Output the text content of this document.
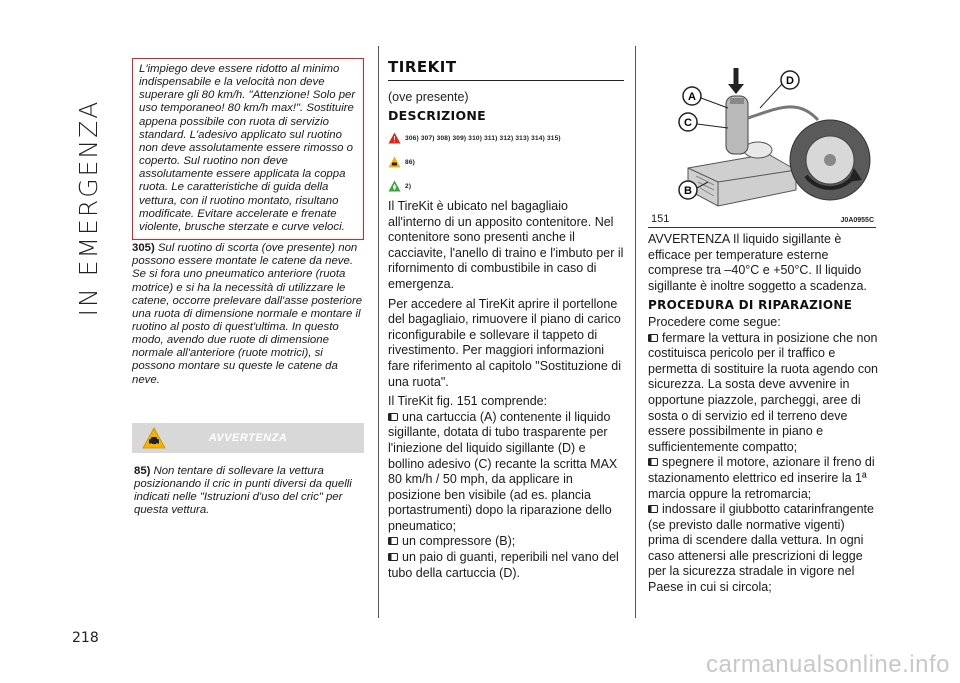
IN EMERGENZA
218
L'impiego deve essere ridotto al minimo indispensabile e la velocità non deve superare gli 80 km/h. "Attenzione! Solo per uso temporaneo! 80 km/h max!". Sostituire appena possibile con ruota di servizio standard. L'adesivo applicato sul ruotino non deve assolutamente essere rimosso o coperto. Sul ruotino non deve assolutamente essere applicata la coppa ruota. Le caratteristiche di guida della vettura, con il ruotino montato, risultano modificate. Evitare accelerate e frenate violente, brusche sterzate e curve veloci.
305) Sul ruotino di scorta (ove presente) non possono essere montate le catene da neve. Se si fora uno pneumatico anteriore (ruota motrice) e si ha la necessità di utilizzare le catene, occorre prelevare dall'asse posteriore una ruota di dimensione normale e montare il ruotino al posto di quest'ultima. In questo modo, avendo due ruote di dimensione normale all'anteriore (ruote motrici), si possono montare su queste le catene da neve.
AVVERTENZA
85) Non tentare di sollevare la vettura posizionando il cric in punti diversi da quelli indicati nelle "Istruzioni d'uso del cric" per questa vettura.
TIREKIT
(ove presente)
DESCRIZIONE
306) 307) 308) 309) 310) 311) 312) 313) 314) 315)
86)
2)

Il TireKit è ubicato nel bagagliaio all'interno di un apposito contenitore. Nel contenitore sono presenti anche il cacciavite, l'anello di traino e l'imbuto per il rifornimento di combustibile in caso di emergenza.

Per accedere al TireKit aprire il portellone del bagagliaio, rimuovere il piano di carico riconfigurabile e sollevare il tappeto di rivestimento. Per maggiori informazioni fare riferimento al capitolo "Sostituzione di una ruota".

Il TireKit fig. 151 comprende:

una cartuccia (A) contenente il liquido sigillante, dotata di tubo trasparente per l'iniezione del liquido sigillante (D) e bollino adesivo (C) recante la scritta MAX 80 km/h / 50 mph, da applicare in posizione ben visibile (ad es. plancia portastrumenti) dopo la riparazione dello pneumatico;
un compressore (B);
un paio di guanti, reperibili nel vano del tubo della cartuccia (D).
A
C
B
D
151	J0A0955C

AVVERTENZA Il liquido sigillante è efficace per temperature esterne comprese tra –40°C e +50°C. Il liquido sigillante è inoltre soggetto a scadenza.

PROCEDURA DI RIPARAZIONE

Procedere come segue:

fermare la vettura in posizione che non costituisca pericolo per il traffico e permetta di sostituire la ruota agendo con sicurezza. La sosta deve avvenire in opportune piazzole, parcheggi, aree di sosta o di servizio ed il terreno deve essere possibilmente in piano e sufficientemente compatto;
spegnere il motore, azionare il freno di stazionamento elettrico ed inserire la 1ª marcia oppure la retromarcia;
indossare il giubbotto catarinfrangente (se previsto dalle normative vigenti) prima di scendere dalla vettura. In ogni caso attenersi alle prescrizioni di legge per la sicurezza stradale in vigore nel Paese in cui si circola;
carmanualsonline.info
